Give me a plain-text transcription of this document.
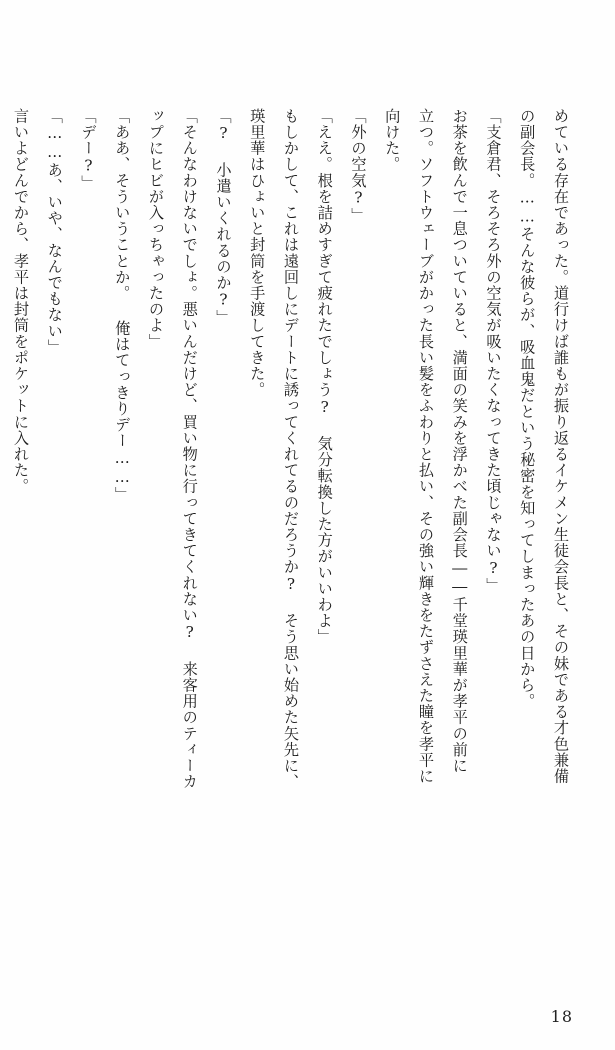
めている存在であった。道行けば誰もが振り返るイケメン生徒会長と、その妹である才色兼備

の副会長。……そんな彼らが、吸血鬼だという秘密を知ってしまったあの日から。

「支倉君、そろそろ外の空気が吸いたくなってきた頃じゃない?」

お茶を飲んで一息ついていると、満面の笑みを浮かべた副会長――千堂瑛里華が孝平の前に

立つ。ソフトウェーブがかった長い髪をふわりと払い、その強い輝きをたずさえた瞳を孝平に

向けた。

「外の空気?」

「ええ。根を詰めすぎて疲れたでしょう? 気分転換した方がいいわよ」

もしかして、これは遠回しにデートに誘ってくれてるのだろうか? そう思い始めた矢先に、

瑛里華はひょいと封筒を手渡してきた。

「? 小遣いくれるのか?」

「そんなわけないでしょ。悪いんだけど、買い物に行ってきてくれない? 来客用のティーカ

ップにヒビが入っちゃったのよ」

「ああ、そういうことか。 俺はてっきりデー……」

「デー?」

「……あ、いや、なんでもない」

言いよどんでから、孝平は封筒をポケットに入れた。

18
